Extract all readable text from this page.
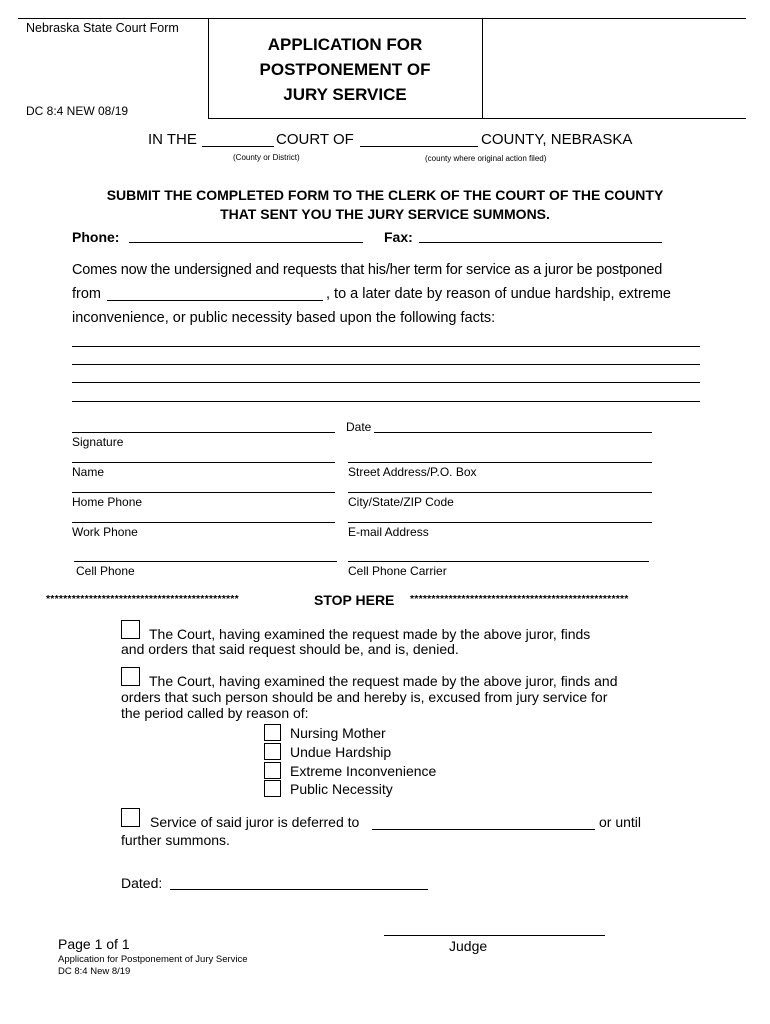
Nebraska State Court Form
DC 8:4 NEW 08/19
APPLICATION FOR
POSTPONEMENT OF
JURY SERVICE
IN THE	COURT OF	COUNTY, NEBRASKA
(County or District)	(county where original action filed)
SUBMIT THE COMPLETED FORM TO THE CLERK OF THE COURT OF THE COUNTY
THAT SENT YOU THE JURY SERVICE SUMMONS.
Phone:	Fax:
Comes now the undersigned and requests that his/her term for service as a juror be postponed
from	, to a later date by reason of undue hardship, extreme
inconvenience, or public necessity based upon the following facts:
Date
Signature
Name	Street Address/P.O. Box
Home Phone	City/State/ZIP Code
Work Phone	E-mail Address
Cell Phone	Cell Phone Carrier
*********************************************	STOP HERE ***************************************************
The Court, having examined the request made by the above juror, finds
and orders that said request should be, and is, denied.
The Court, having examined the request made by the above juror, finds and
orders that such person should be and hereby is, excused from jury service for
the period called by reason of:
Nursing Mother
Undue Hardship
Extreme Inconvenience
Public Necessity
Service of said juror is deferred to	or until
further summons.
Dated:
Judge
Page 1 of 1
Application for Postponement of Jury Service
DC 8:4 New 8/19
